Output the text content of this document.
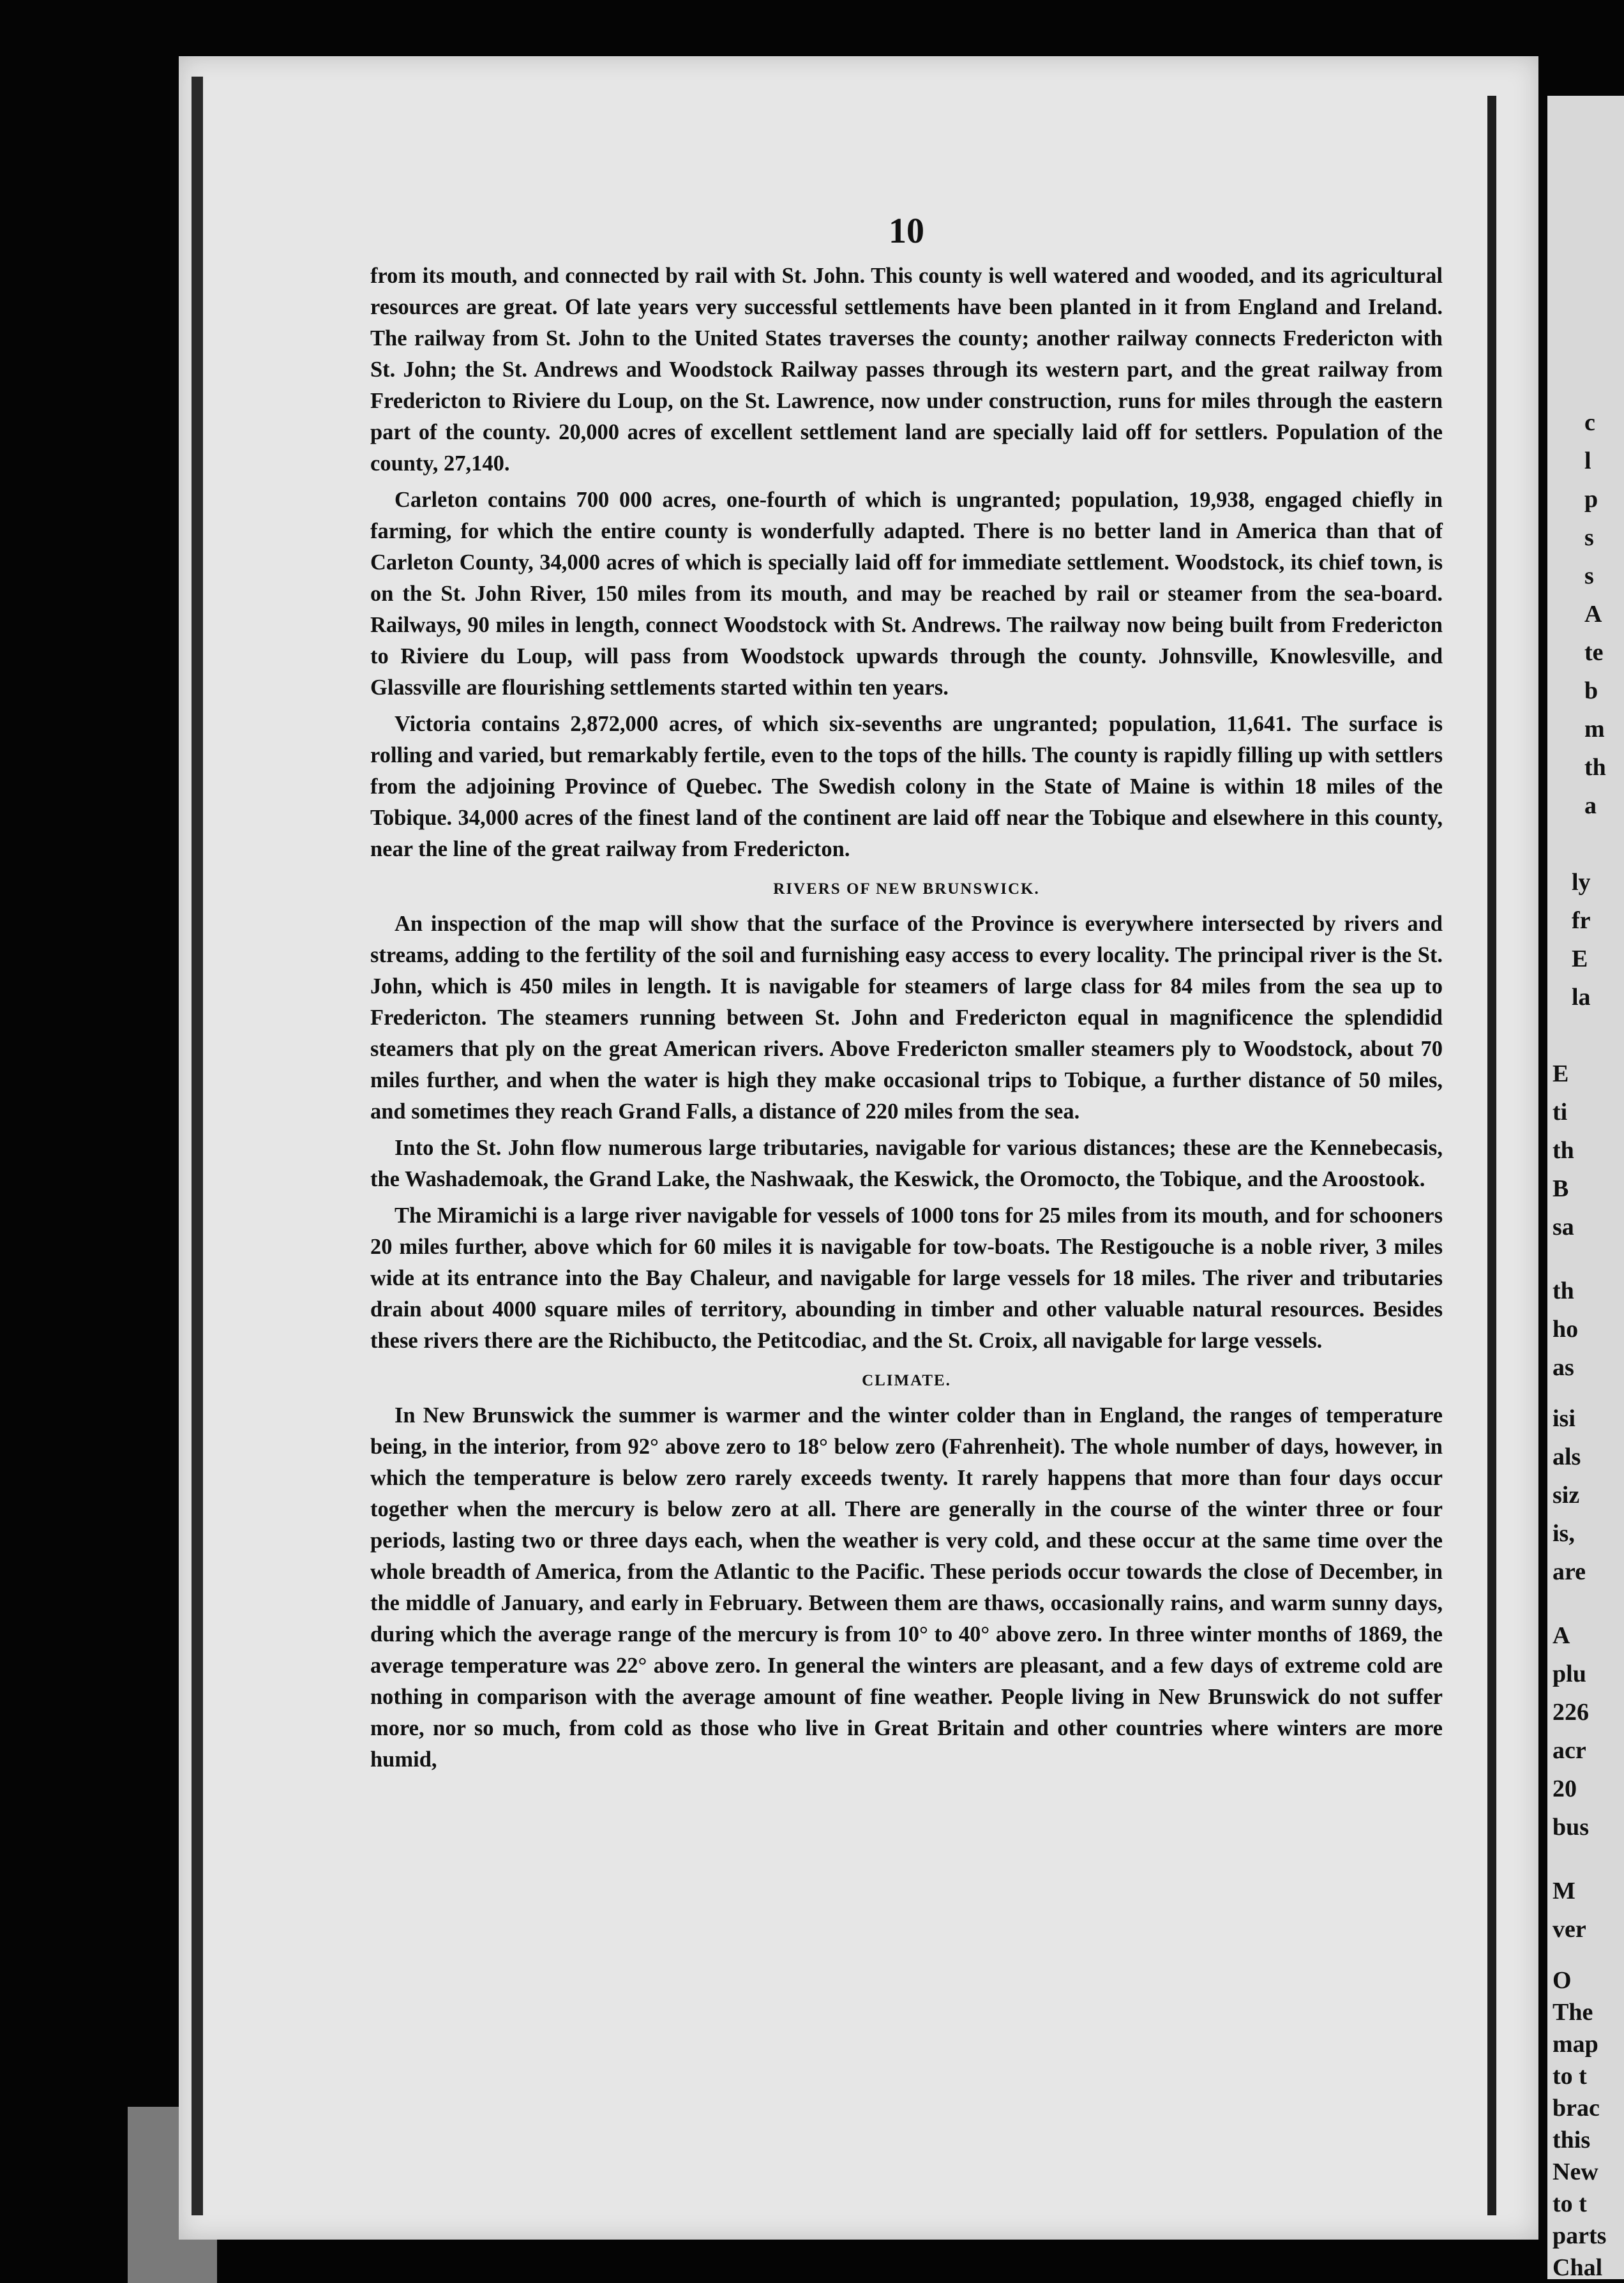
c
l
p
s
s
A
te
b
m
th
a
ly
fr
E
la
E
ti
th
B
sa
th
ho
as
isi
als
siz
is,
are
A
plu
226
acr
20
bus
M
ver
O
The
map
to t
brac
this
New
to t
parts
Chal
10

from its mouth, and connected by rail with St. John. This county is well watered and wooded, and its agricultural resources are great. Of late years very successful settlements have been planted in it from England and Ireland. The railway from St. John to the United States traverses the county; another railway connects Fredericton with St. John; the St. Andrews and Woodstock Railway passes through its western part, and the great railway from Fredericton to Riviere du Loup, on the St. Lawrence, now under construction, runs for miles through the eastern part of the county. 20,000 acres of excellent settlement land are specially laid off for settlers. Population of the county, 27,140.

Carleton contains 700 000 acres, one-fourth of which is ungranted; population, 19,938, engaged chiefly in farming, for which the entire county is wonderfully adapted. There is no better land in America than that of Carleton County, 34,000 acres of which is specially laid off for immediate settlement. Woodstock, its chief town, is on the St. John River, 150 miles from its mouth, and may be reached by rail or steamer from the sea-board. Railways, 90 miles in length, connect Woodstock with St. Andrews. The railway now being built from Fredericton to Riviere du Loup, will pass from Woodstock upwards through the county. Johnsville, Knowlesville, and Glassville are flourishing settlements started within ten years.

Victoria contains 2,872,000 acres, of which six-sevenths are ungranted; population, 11,641. The surface is rolling and varied, but remarkably fertile, even to the tops of the hills. The county is rapidly filling up with settlers from the adjoining Province of Quebec. The Swedish colony in the State of Maine is within 18 miles of the Tobique. 34,000 acres of the finest land of the continent are laid off near the Tobique and elsewhere in this county, near the line of the great railway from Fredericton.

RIVERS OF NEW BRUNSWICK.

An inspection of the map will show that the surface of the Province is everywhere intersected by rivers and streams, adding to the fertility of the soil and furnishing easy access to every locality. The principal river is the St. John, which is 450 miles in length. It is navigable for steamers of large class for 84 miles from the sea up to Fredericton. The steamers running between St. John and Fredericton equal in magnificence the splendidid steamers that ply on the great American rivers. Above Fredericton smaller steamers ply to Woodstock, about 70 miles further, and when the water is high they make occasional trips to Tobique, a further distance of 50 miles, and sometimes they reach Grand Falls, a distance of 220 miles from the sea.

Into the St. John flow numerous large tributaries, navigable for various distances; these are the Kennebecasis, the Washademoak, the Grand Lake, the Nashwaak, the Keswick, the Oromocto, the Tobique, and the Aroostook.

The Miramichi is a large river navigable for vessels of 1000 tons for 25 miles from its mouth, and for schooners 20 miles further, above which for 60 miles it is navigable for tow-boats. The Restigouche is a noble river, 3 miles wide at its entrance into the Bay Chaleur, and navigable for large vessels for 18 miles. The river and tributaries drain about 4000 square miles of territory, abounding in timber and other valuable natural resources. Besides these rivers there are the Richibucto, the Petitcodiac, and the St. Croix, all navigable for large vessels.

CLIMATE.

In New Brunswick the summer is warmer and the winter colder than in England, the ranges of temperature being, in the interior, from 92° above zero to 18° below zero (Fahrenheit). The whole number of days, however, in which the temperature is below zero rarely exceeds twenty. It rarely happens that more than four days occur together when the mercury is below zero at all. There are generally in the course of the winter three or four periods, lasting two or three days each, when the weather is very cold, and these occur at the same time over the whole breadth of America, from the Atlantic to the Pacific. These periods occur towards the close of December, in the middle of January, and early in February. Between them are thaws, occasionally rains, and warm sunny days, during which the average range of the mercury is from 10° to 40° above zero. In three winter months of 1869, the average temperature was 22° above zero. In general the winters are pleasant, and a few days of extreme cold are nothing in comparison with the average amount of fine weather. People living in New Brunswick do not suffer more, nor so much, from cold as those who live in Great Britain and other countries where winters are more humid,
